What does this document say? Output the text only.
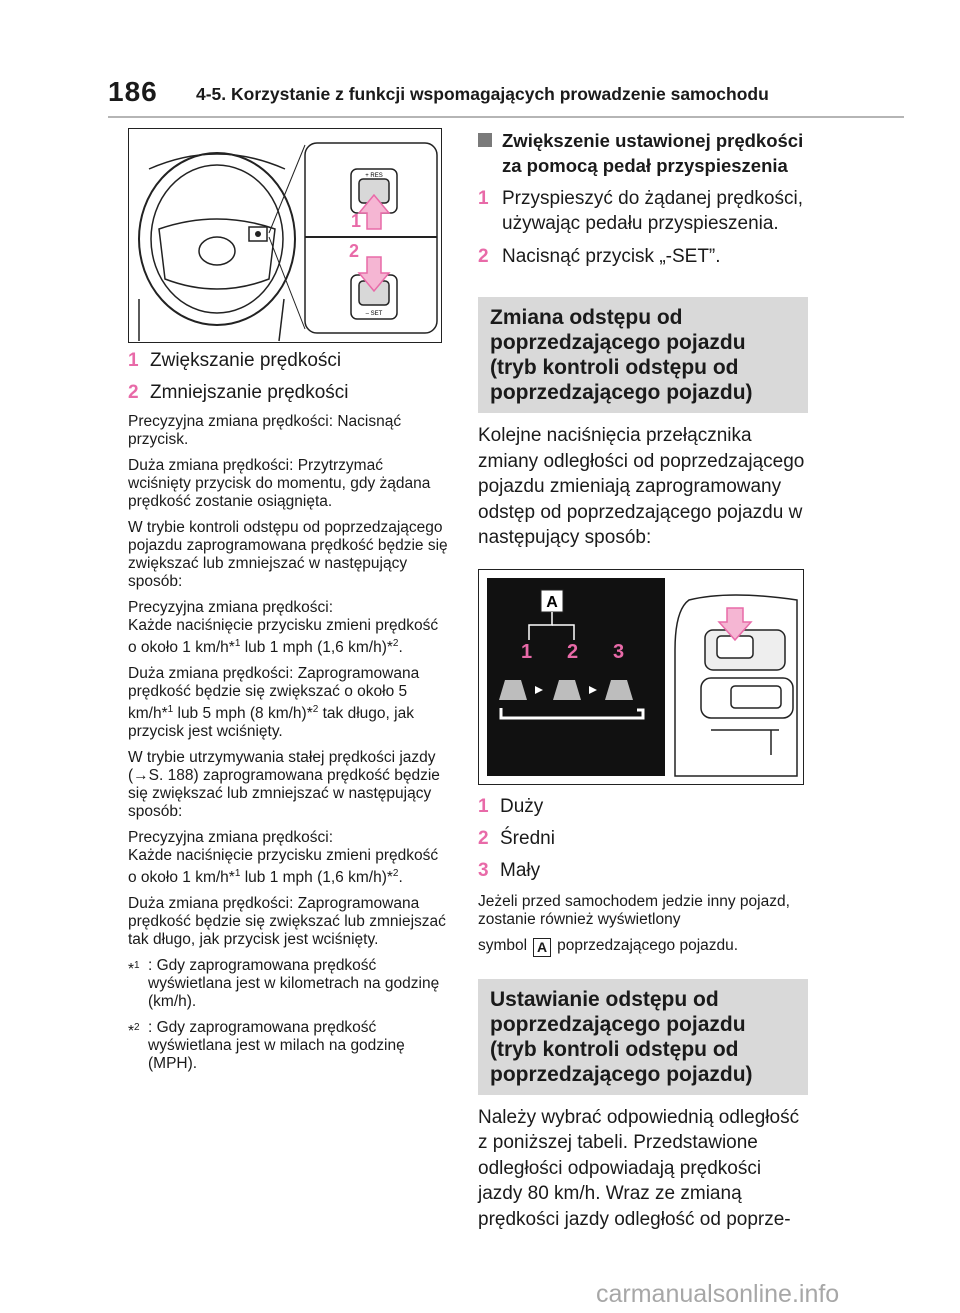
186 4-5. Korzystanie z funkcji wspomagających prowadzenie samochodu
+ RES
– SET
1
2
1 Zwiększanie prędkości
2 Zmniejszanie prędkości

Precyzyjna zmiana prędkości: Nacisnąć przycisk.

Duża zmiana prędkości: Przytrzymać wciśnięty przycisk do momentu, gdy żądana prędkość zostanie osiągnięta.

W trybie kontroli odstępu od poprzedzającego pojazdu zaprogramowana prędkość będzie się zwiększać lub zmniejszać w następujący sposób:

Precyzyjna zmiana prędkości:
Każde naciśnięcie przycisku zmieni prędkość o około 1 km/h*$^1$ lub 1 mph (1,6 km/h)*$^2$.

Duża zmiana prędkości: Zaprogramowana prędkość będzie się zwiększać o około 5 km/h*$^1$ lub 5 mph (8 km/h)*$^2$ tak długo, jak przycisk jest wciśnięty.

W trybie utrzymywania stałej prędkości jazdy (→S. 188) zaprogramowana prędkość będzie się zwiększać lub zmniejszać w następujący sposób:

Precyzyjna zmiana prędkości:
Każde naciśnięcie przycisku zmieni prędkość o około 1 km/h*$^1$ lub 1 mph (1,6 km/h)*$^2$.

Duża zmiana prędkości: Zaprogramowana prędkość będzie się zwiększać lub zmniejszać tak długo, jak przycisk jest wciśnięty.

*$^1$ : Gdy zaprogramowana prędkość wyświetlana jest w kilometrach na godzinę (km/h).
*$^2$ : Gdy zaprogramowana prędkość wyświetlana jest w milach na godzinę (MPH).
Zwiększenie ustawionej prędkości za pomocą pedał przyspieszenia
1 Przyspieszyć do żądanej prędkości, używając pedału przyspieszenia.
2 Nacisnąć przycisk „-SET”.
Zmiana odstępu od poprzedzającego pojazdu (tryb kontroli odstępu od poprzedzającego pojazdu)

Kolejne naciśnięcia przełącznika zmiany odległości od poprzedzającego pojazdu zmieniają zaprogramowany odstęp od poprzedzającego pojazdu w następujący sposób:

A
1 2 3
1 Duży
2 Średni
3 Mały

Jeżeli przed samochodem jedzie inny pojazd, zostanie również wyświetlony

symbol A poprzedzającego pojazdu.

Ustawianie odstępu od poprzedzającego pojazdu (tryb kontroli odstępu od poprzedzającego pojazdu)

Należy wybrać odpowiednią odległość z poniższej tabeli. Przedstawione odległości odpowiadają prędkości jazdy 80 km/h. Wraz ze zmianą prędkości jazdy odległość od poprze-

carmanualsonline.info
